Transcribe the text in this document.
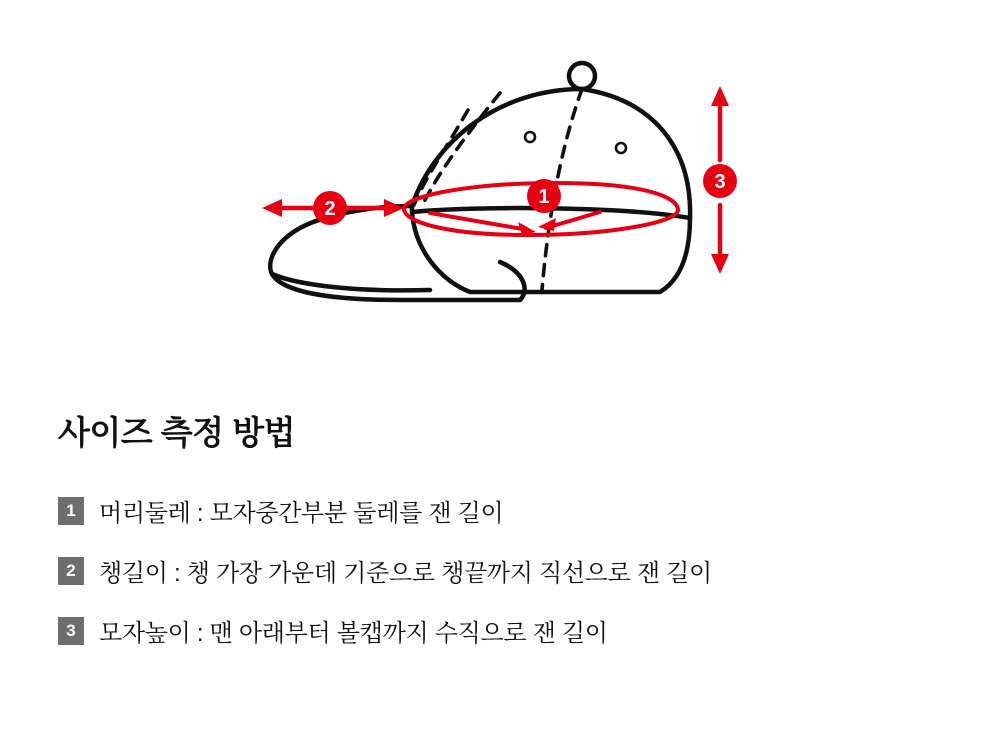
1
2
3
사이즈 측정 방법
1 머리둘레 : 모자중간부분 둘레를 잰 길이
2 챙길이 : 챙 가장 가운데 기준으로 챙끝까지 직선으로 잰 길이
3 모자높이 : 맨 아래부터 볼캡까지 수직으로 잰 길이
